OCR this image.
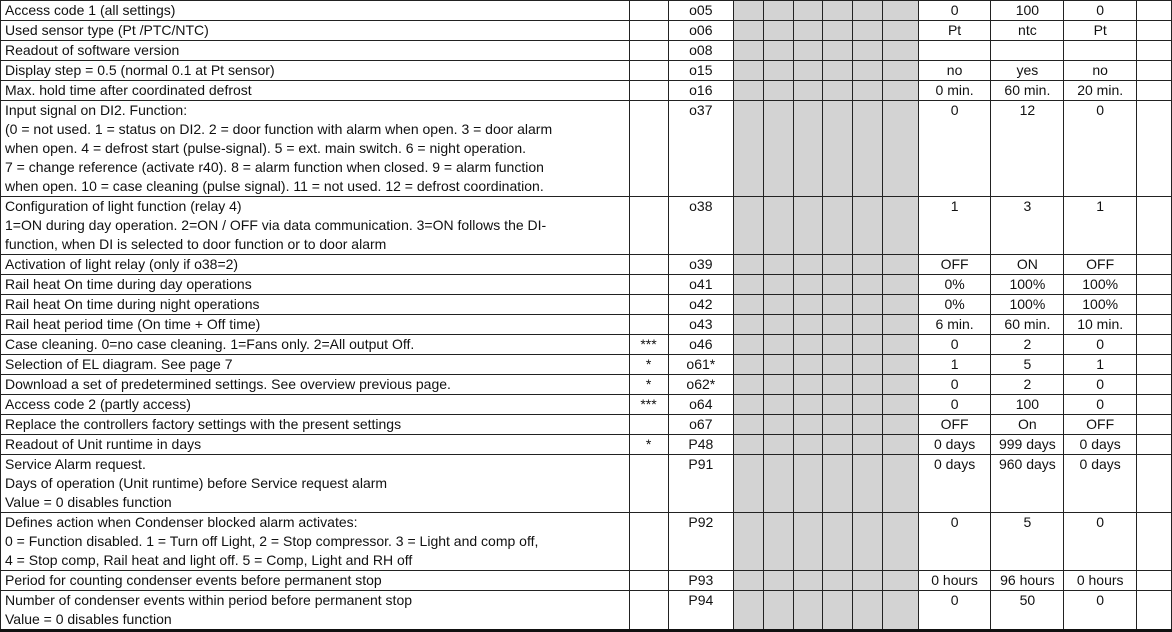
Access code 1 (all settings)		o05							0	100	0	

Used sensor type (Pt /PTC/NTC)		o06							Pt	ntc	Pt	

Readout of software version		o08										

Display step = 0.5 (normal 0.1 at Pt sensor)		o15							no	yes	no	

Max. hold time after coordinated defrost		o16							0 min.	60 min.	20 min.	

Input signal on DI2. Function:
(0 = not used. 1 = status on DI2. 2 = door function with alarm when open. 3 = door alarm
when open. 4 = defrost start (pulse-signal). 5 = ext. main switch. 6 = night operation.
7 = change reference (activate r40). 8 = alarm function when closed. 9 = alarm function
when open. 10 = case cleaning (pulse signal). 11 = not used. 12 = defrost coordination.		o37							0	12	0	

Configuration of light function (relay 4)
1=ON during day operation. 2=ON / OFF via data communication. 3=ON follows the DI-
function, when DI is selected to door function or to door alarm		o38							1	3	1	

Activation of light relay (only if o38=2)		o39							OFF	ON	OFF	

Rail heat On time during day operations		o41							0%	100%	100%	

Rail heat On time during night operations		o42							0%	100%	100%	

Rail heat period time (On time + Off time)		o43							6 min.	60 min.	10 min.	

Case cleaning. 0=no case cleaning. 1=Fans only. 2=All output Off.	***	o46							0	2	0	

Selection of EL diagram. See page 7	*	o61*							1	5	1	

Download a set of predetermined settings. See overview previous page.	*	o62*							0	2	0	

Access code 2 (partly access)	***	o64							0	100	0	

Replace the controllers factory settings with the present settings		o67							OFF	On	OFF	

Readout of Unit runtime in days	*	P48							0 days	999 days	0 days	

Service Alarm request.
Days of operation (Unit runtime) before Service request alarm
Value = 0 disables function		P91							0 days	960 days	0 days	

Defines action when Condenser blocked alarm activates:
0 = Function disabled. 1 = Turn off Light, 2 = Stop compressor. 3 = Light and comp off,
4 = Stop comp, Rail heat and light off. 5 = Comp, Light and RH off		P92							0	5	0	

Period for counting condenser events before permanent stop		P93							0 hours	96 hours	0 hours	

Number of condenser events within period before permanent stop
Value = 0 disables function		P94							0	50	0	
